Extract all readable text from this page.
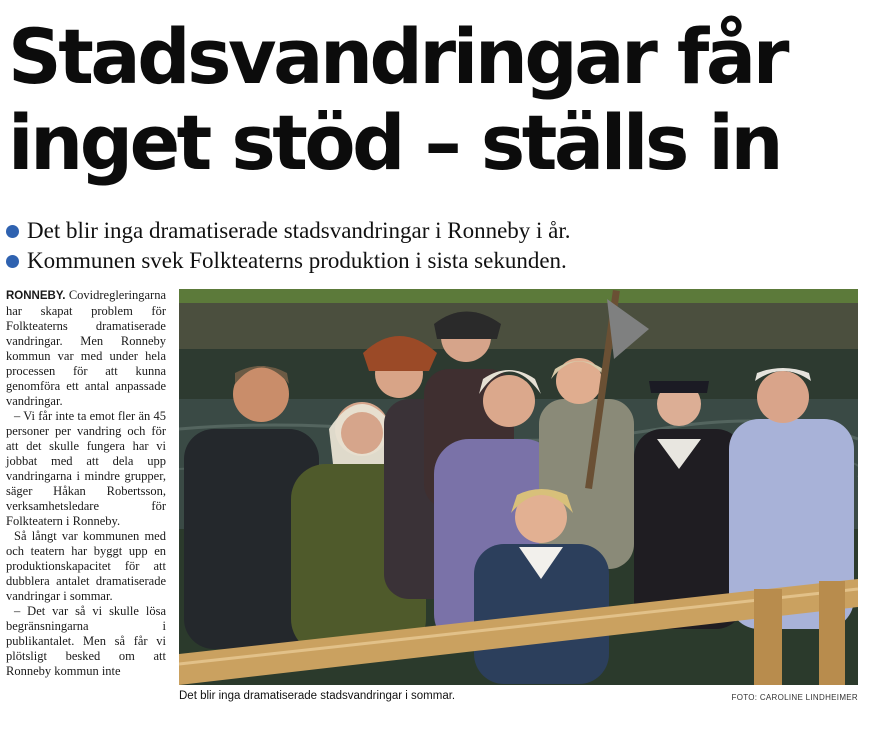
Stadsvandringar får
inget stöd – ställs in
Det blir inga dramatiserade stadsvandringar i Ronneby i år.
Kommunen svek Folkteaterns produktion i sista sekunden.

RONNEBY. Covidregleringarna har skapat problem för Folkteaterns dramatiserade vandringar. Men Ronneby kommun var med under hela processen för att kunna genomföra ett antal anpassade vandringar.

– Vi får inte ta emot fler än 45 personer per vandring och för att det skulle fungera har vi jobbat med att dela upp vandringarna i mindre grupper, säger Håkan Robertsson, verksamhetsledare för Folkteatern i Ronneby.

Så långt var kommunen med och teatern har byggt upp en produktionskapacitet för att dubblera antalet dramatiserade vandringar i sommar.

– Det var så vi skulle lösa begränsningarna i publikantalet. Men så får vi plötsligt besked om att Ronneby kommun inte

Det blir inga dramatiserade stadsvandringar i sommar.	FOTO: CAROLINE LINDHEIMER
